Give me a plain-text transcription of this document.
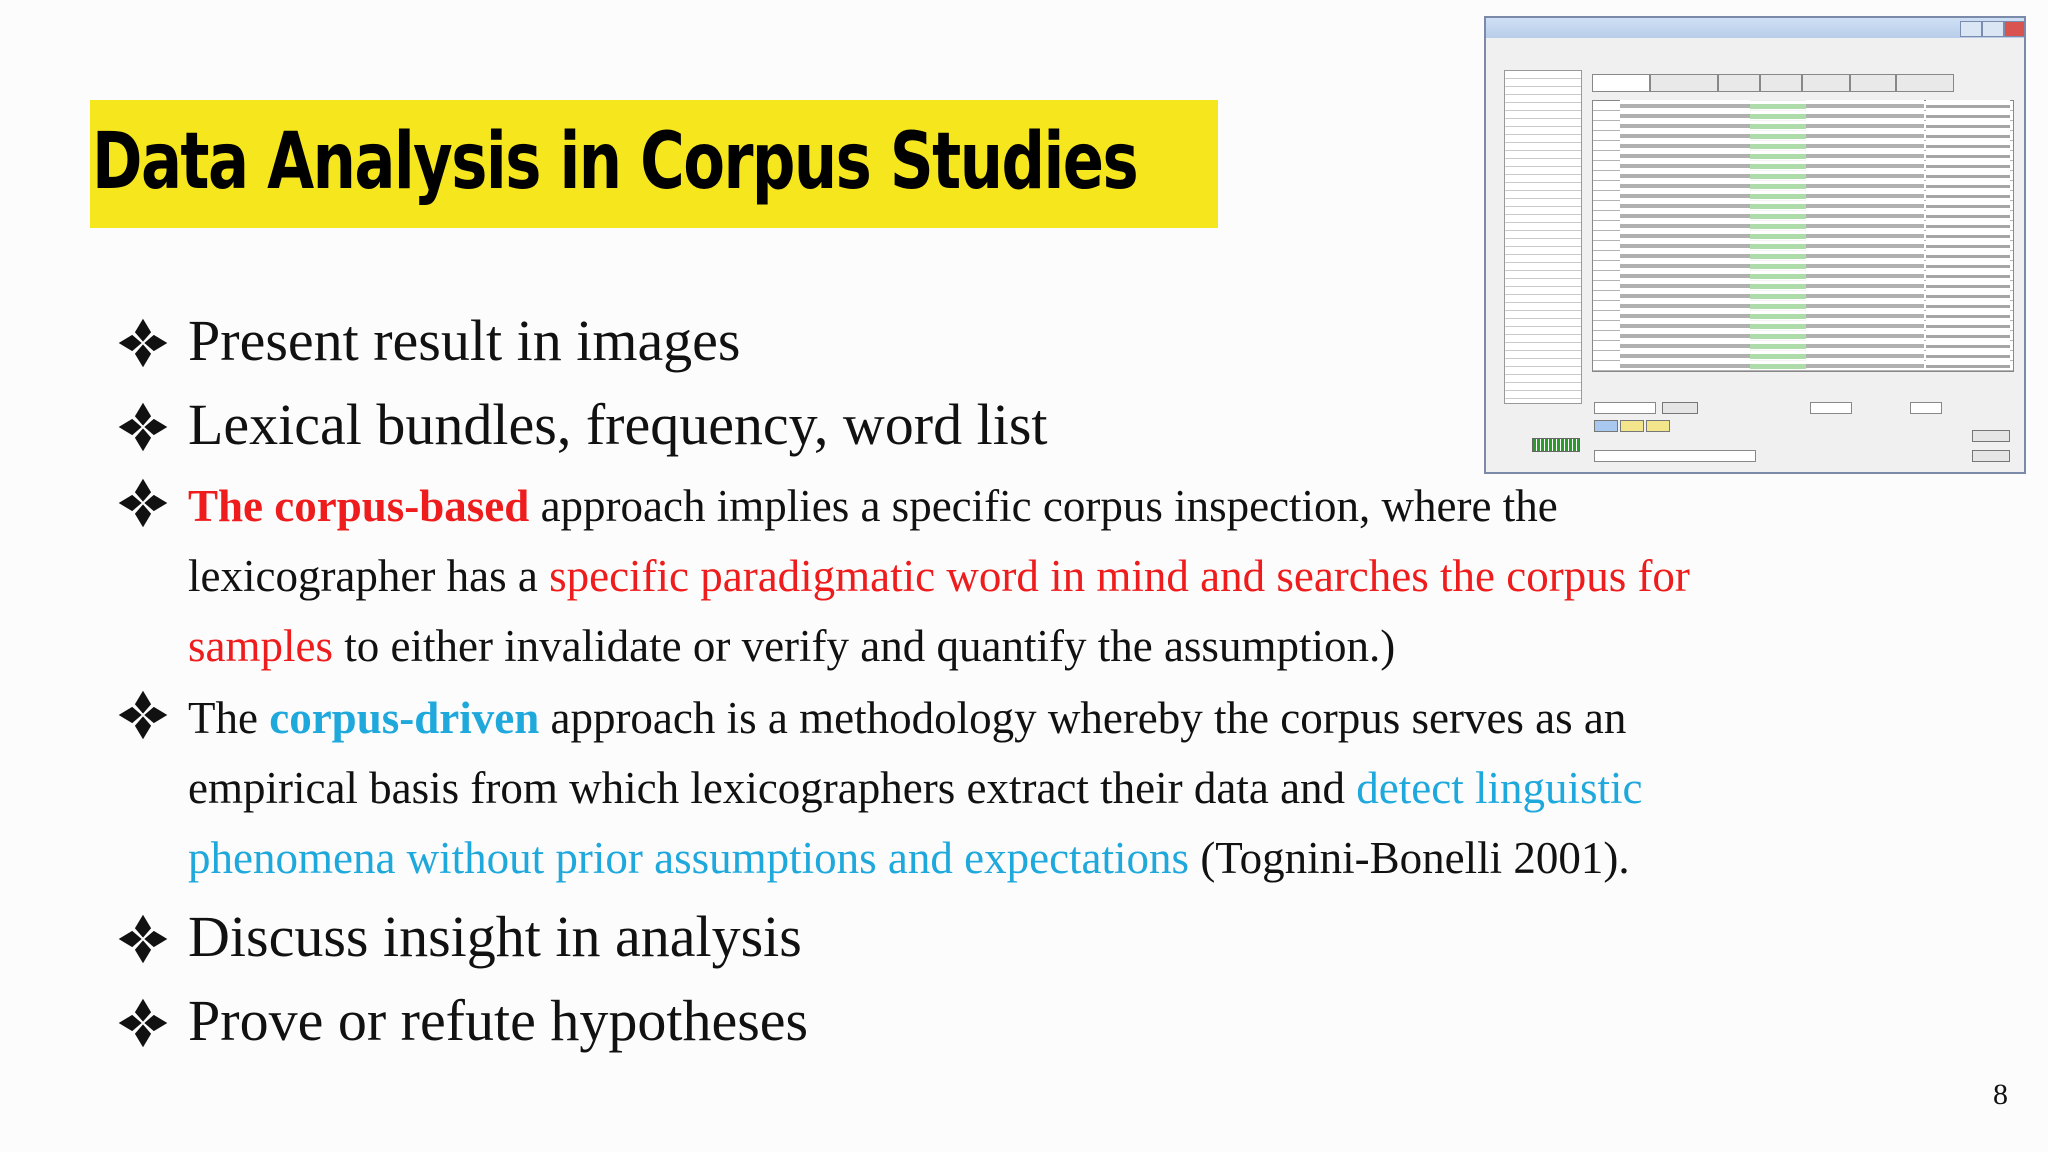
Data Analysis in Corpus Studies

Present result in images

Lexical bundles, frequency, word list

The corpus-based approach implies a specific corpus inspection, where the

lexicographer has a specific paradigmatic word in mind and searches the corpus for

samples to either invalidate or verify and quantify the assumption.)

The corpus-driven approach is a methodology whereby the corpus serves as an

empirical basis from which lexicographers extract their data and detect linguistic

phenomena without prior assumptions and expectations (Tognini-Bonelli 2001).

Discuss insight in analysis

Prove or refute hypotheses

8
